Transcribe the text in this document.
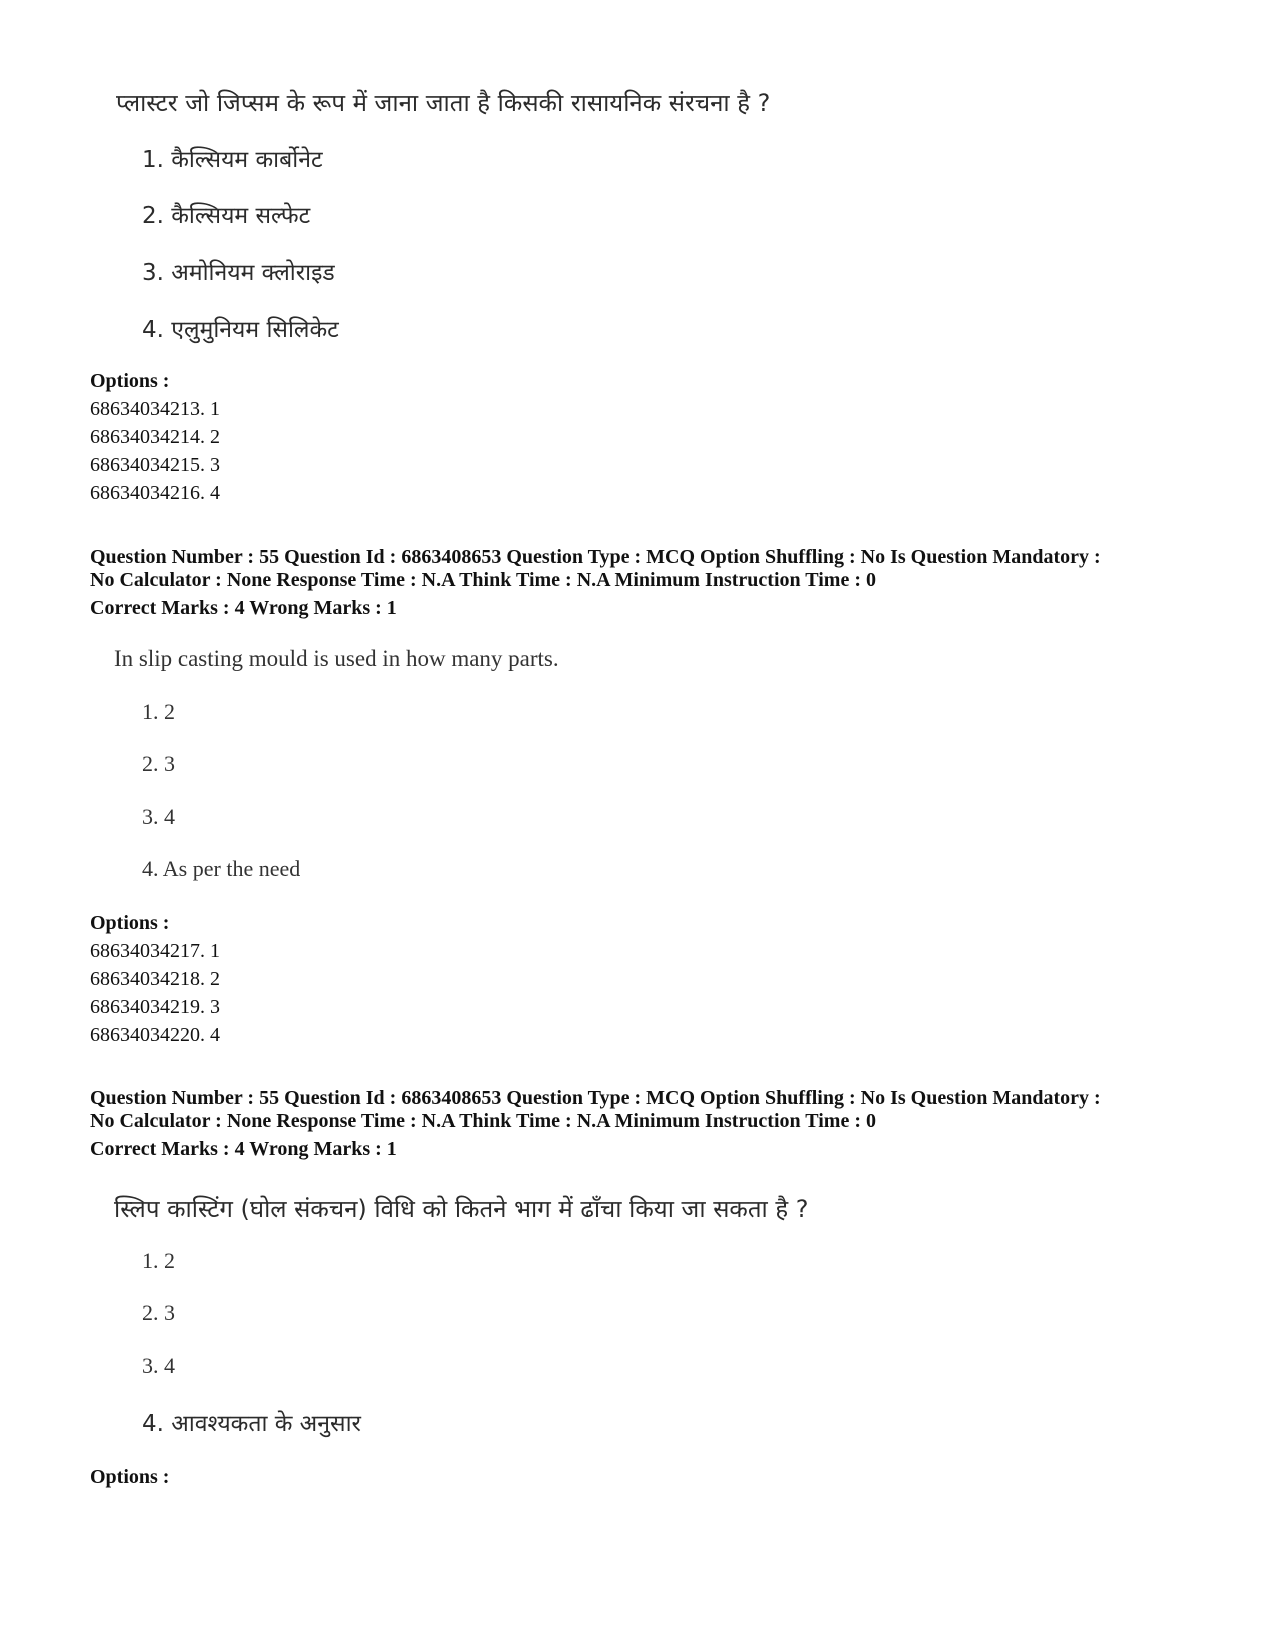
प्लास्टर जो जिप्सम के रूप में जाना जाता है किसकी रासायनिक संरचना है ?
1. कैल्सियम कार्बोनेट
2. कैल्सियम सल्फेट
3. अमोनियम क्लोराइड
4. एलुमुनियम सिलिकेट
Options :
68634034213. 1
68634034214. 2
68634034215. 3
68634034216. 4
Question Number : 55 Question Id : 6863408653 Question Type : MCQ Option Shuffling : No Is Question Mandatory :
No Calculator : None Response Time : N.A Think Time : N.A Minimum Instruction Time : 0
Correct Marks : 4 Wrong Marks : 1
In slip casting mould is used in how many parts.
1. 2
2. 3
3. 4
4. As per the need
Options :
68634034217. 1
68634034218. 2
68634034219. 3
68634034220. 4
Question Number : 55 Question Id : 6863408653 Question Type : MCQ Option Shuffling : No Is Question Mandatory :
No Calculator : None Response Time : N.A Think Time : N.A Minimum Instruction Time : 0
Correct Marks : 4 Wrong Marks : 1
स्लिप कास्टिंग (घोल संकचन) विधि को कितने भाग में ढाँचा किया जा सकता है ?
1. 2
2. 3
3. 4
4. आवश्यकता के अनुसार
Options :
